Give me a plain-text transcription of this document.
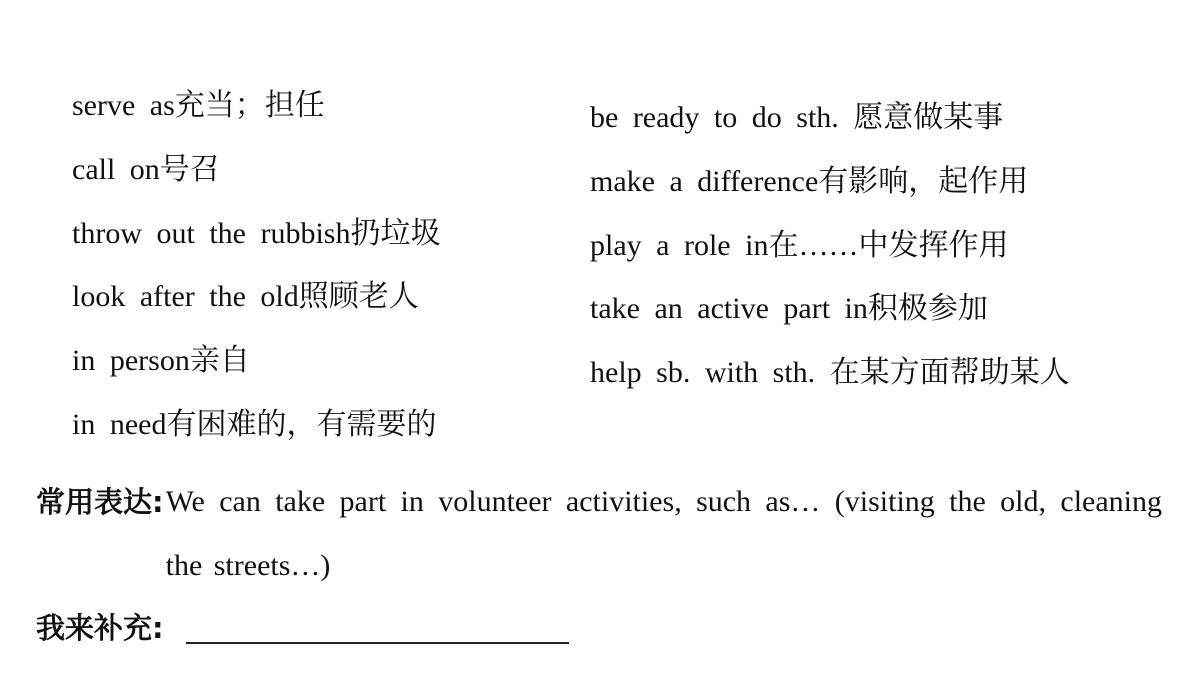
serve as充当；担任
call on号召
throw out the rubbish扔垃圾
look after the old照顾老人
in person亲自
in need有困难的，有需要的
be ready to do sth. 愿意做某事
make a difference有影响，起作用
play a role in在……中发挥作用
take an active part in积极参加
help sb. with sth. 在某方面帮助某人
常用表达: We can take part in volunteer activities, such as… (visiting the old, cleaning the streets…)
我来补充:
